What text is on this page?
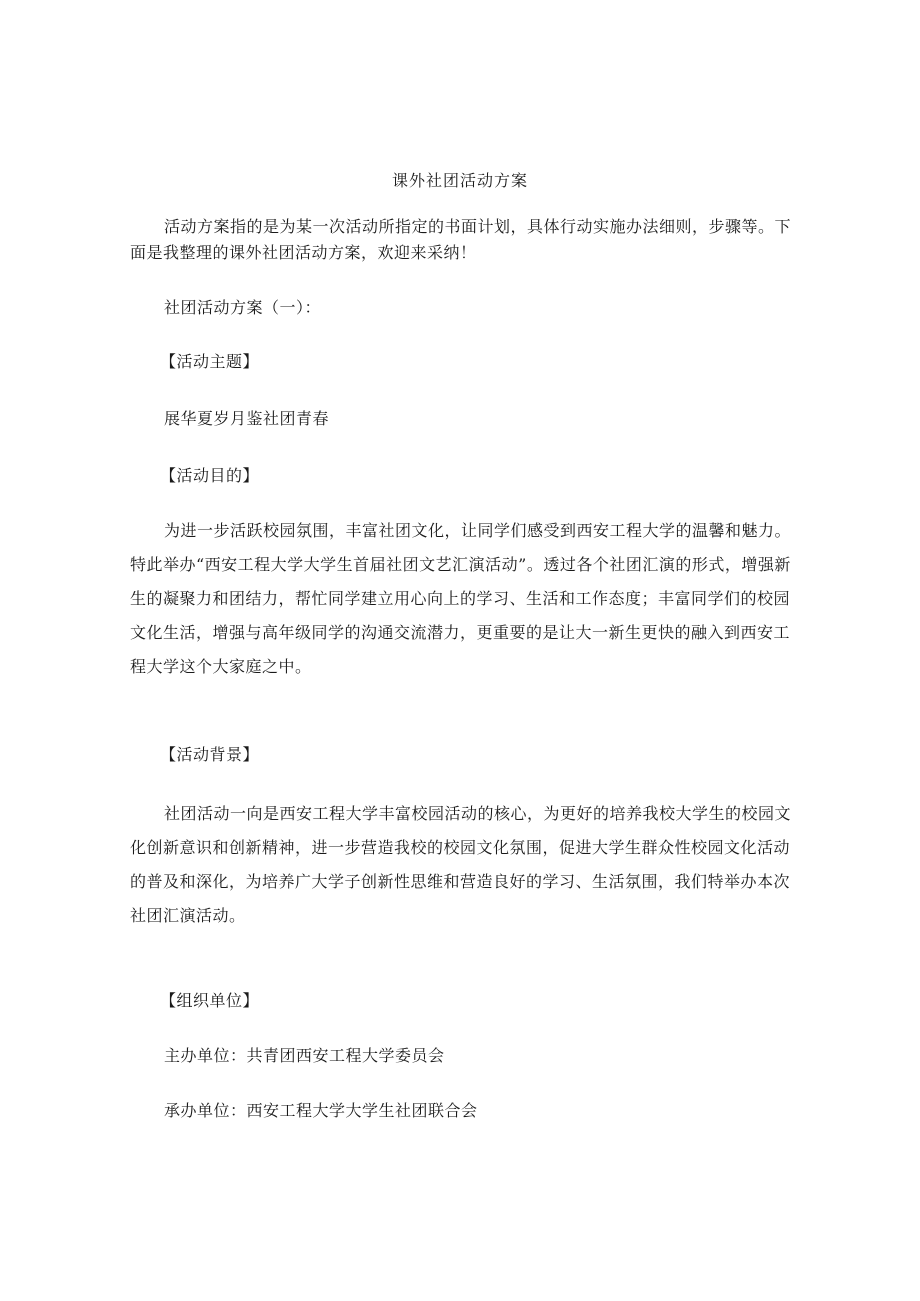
课外社团活动方案
活动方案指的是为某一次活动所指定的书面计划，具体行动实施办法细则，步骤等。下面是我整理的课外社团活动方案，欢迎来采纳！
社团活动方案（一）：
【活动主题】
展华夏岁月鉴社团青春
【活动目的】
为进一步活跃校园氛围，丰富社团文化，让同学们感受到西安工程大学的温馨和魅力。特此举办“西安工程大学大学生首届社团文艺汇演活动”。透过各个社团汇演的形式，增强新生的凝聚力和团结力，帮忙同学建立用心向上的学习、生活和工作态度；丰富同学们的校园文化生活，增强与高年级同学的沟通交流潜力，更重要的是让大一新生更快的融入到西安工程大学这个大家庭之中。
【活动背景】
社团活动一向是西安工程大学丰富校园活动的核心，为更好的培养我校大学生的校园文化创新意识和创新精神，进一步营造我校的校园文化氛围，促进大学生群众性校园文化活动的普及和深化，为培养广大学子创新性思维和营造良好的学习、生活氛围，我们特举办本次社团汇演活动。
【组织单位】
主办单位：共青团西安工程大学委员会
承办单位：西安工程大学大学生社团联合会
